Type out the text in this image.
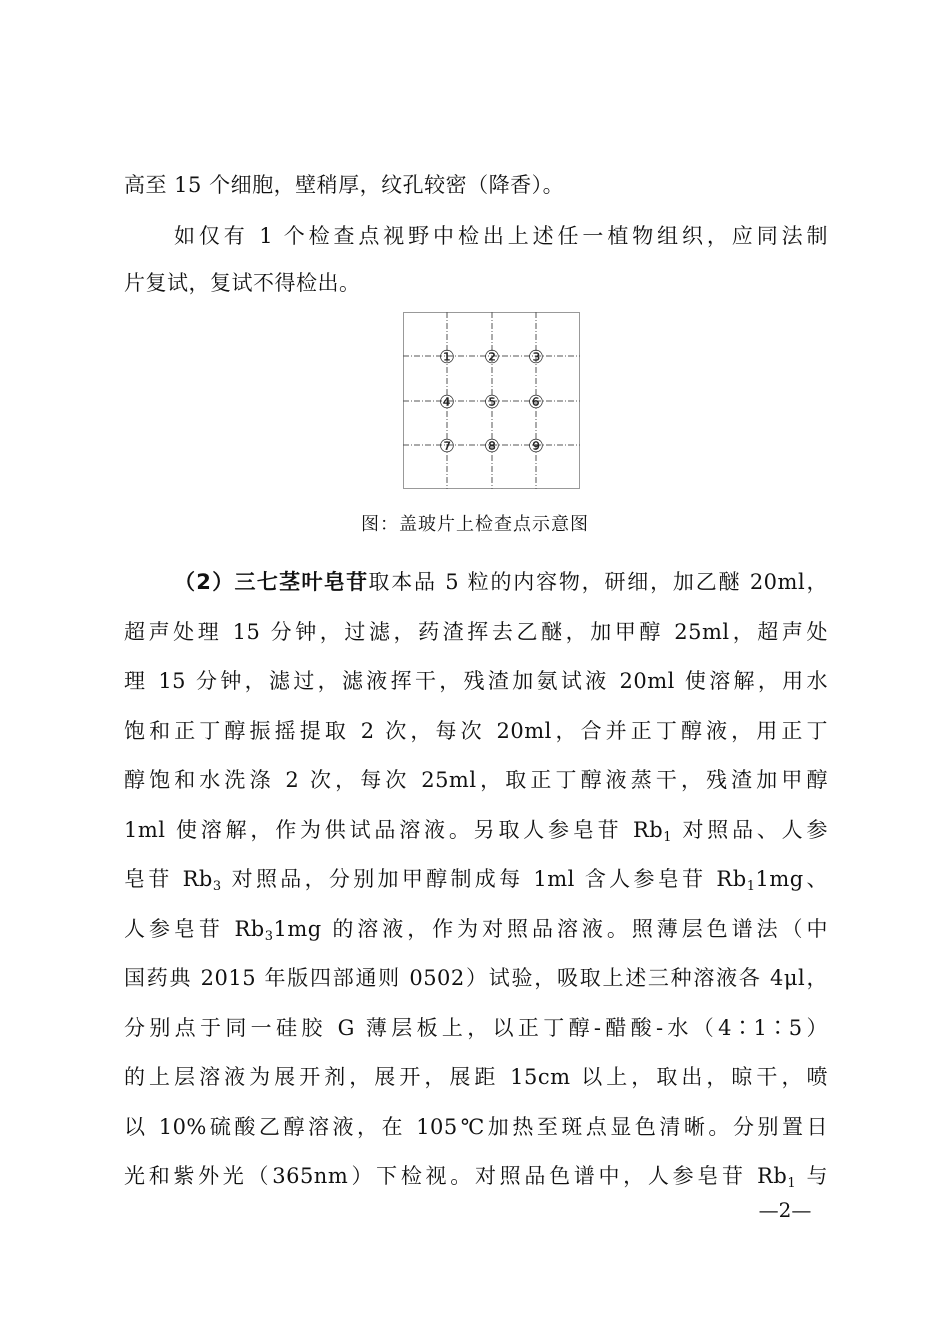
高至 15 个细胞，壁稍厚，纹孔较密（降香）。
如仅有 1 个检查点视野中检出上述任一植物组织，应同法制
片复试，复试不得检出。
① ② ③
④ ⑤ ⑥
⑦ ⑧ ⑨
图：盖玻片上检查点示意图
（2）三七茎叶皂苷取本品 5 粒的内容物，研细，加乙醚 20ml，
超声处理 15 分钟，过滤，药渣挥去乙醚，加甲醇 25ml，超声处
理 15 分钟，滤过，滤液挥干，残渣加氨试液 20ml 使溶解，用水
饱和正丁醇振摇提取 2 次，每次 20ml，合并正丁醇液，用正丁
醇饱和水洗涤 2 次，每次 25ml，取正丁醇液蒸干，残渣加甲醇
1ml 使溶解，作为供试品溶液。另取人参皂苷 $Rb_1$ 对照品、人参
皂苷 $Rb_3$ 对照品，分别加甲醇制成每 1ml 含人参皂苷 $Rb_11mg$、
人参皂苷 $Rb_31mg$ 的溶液，作为对照品溶液。照薄层色谱法（中
国药典 2015 年版四部通则 0502）试验，吸取上述三种溶液各 4μl，
分别点于同一硅胶 G 薄层板上，以正丁醇-醋酸-水（4∶1∶5）
的上层溶液为展开剂，展开，展距 15cm 以上，取出，晾干，喷
以 10%硫酸乙醇溶液，在 105℃加热至斑点显色清晰。分别置日
光和紫外光（365nm）下检视。对照品色谱中，人参皂苷 $Rb_1$ 与
—2—
